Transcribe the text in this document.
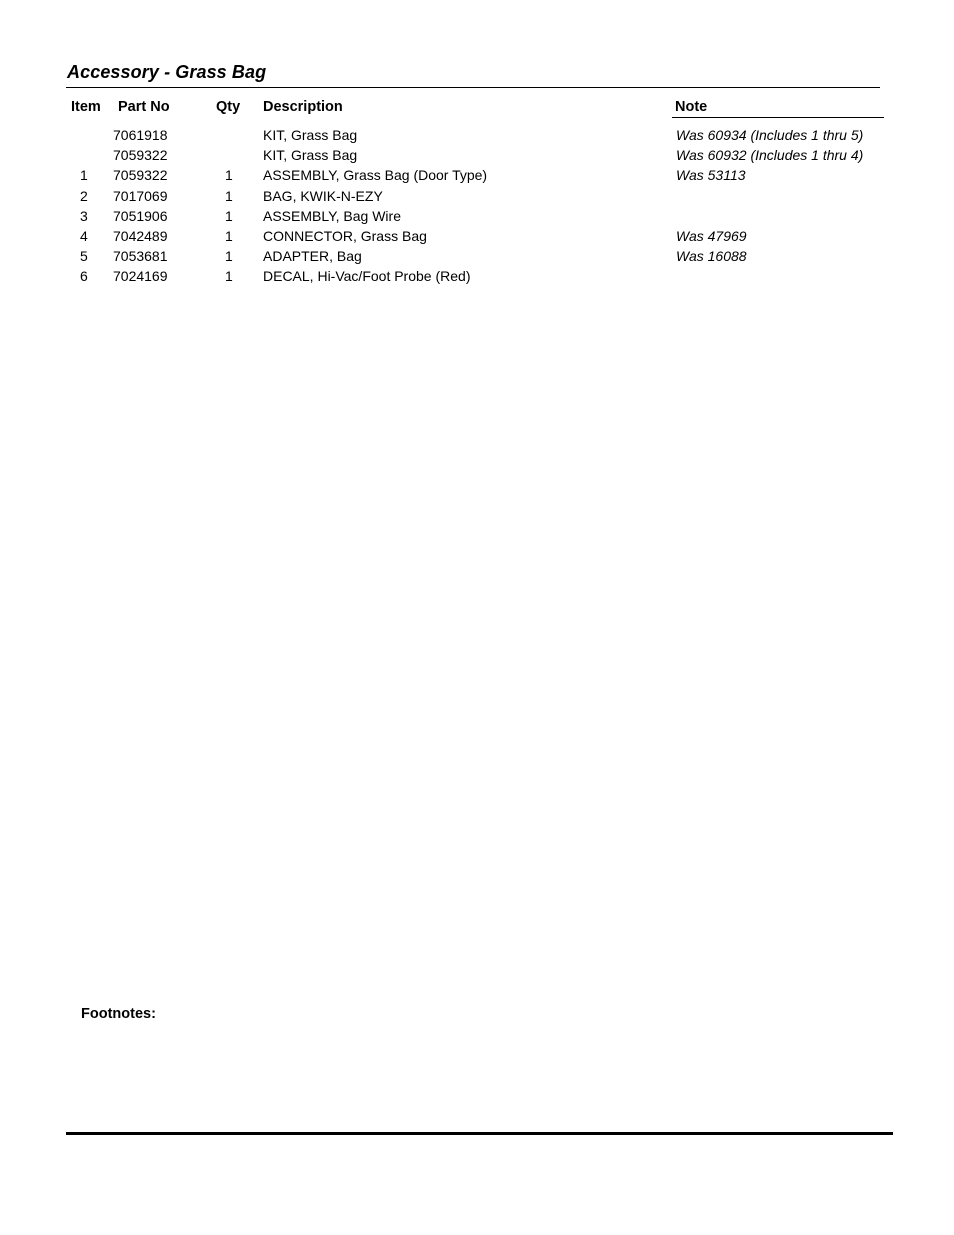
Accessory - Grass Bag
Item Part No	Qty Description	Note
7061918	KIT, Grass Bag	Was 60934 (Includes 1 thru 5)
7059322	KIT, Grass Bag	Was 60932 (Includes 1 thru 4)
1 7059322	1 ASSEMBLY, Grass Bag (Door Type)	Was 53113
2 7017069	1 BAG, KWIK-N-EZY
3 7051906	1 ASSEMBLY, Bag Wire
4 7042489	1 CONNECTOR, Grass Bag	Was 47969
5 7053681	1 ADAPTER, Bag	Was 16088
6 7024169	1 DECAL, Hi-Vac/Foot Probe (Red)
Footnotes:
